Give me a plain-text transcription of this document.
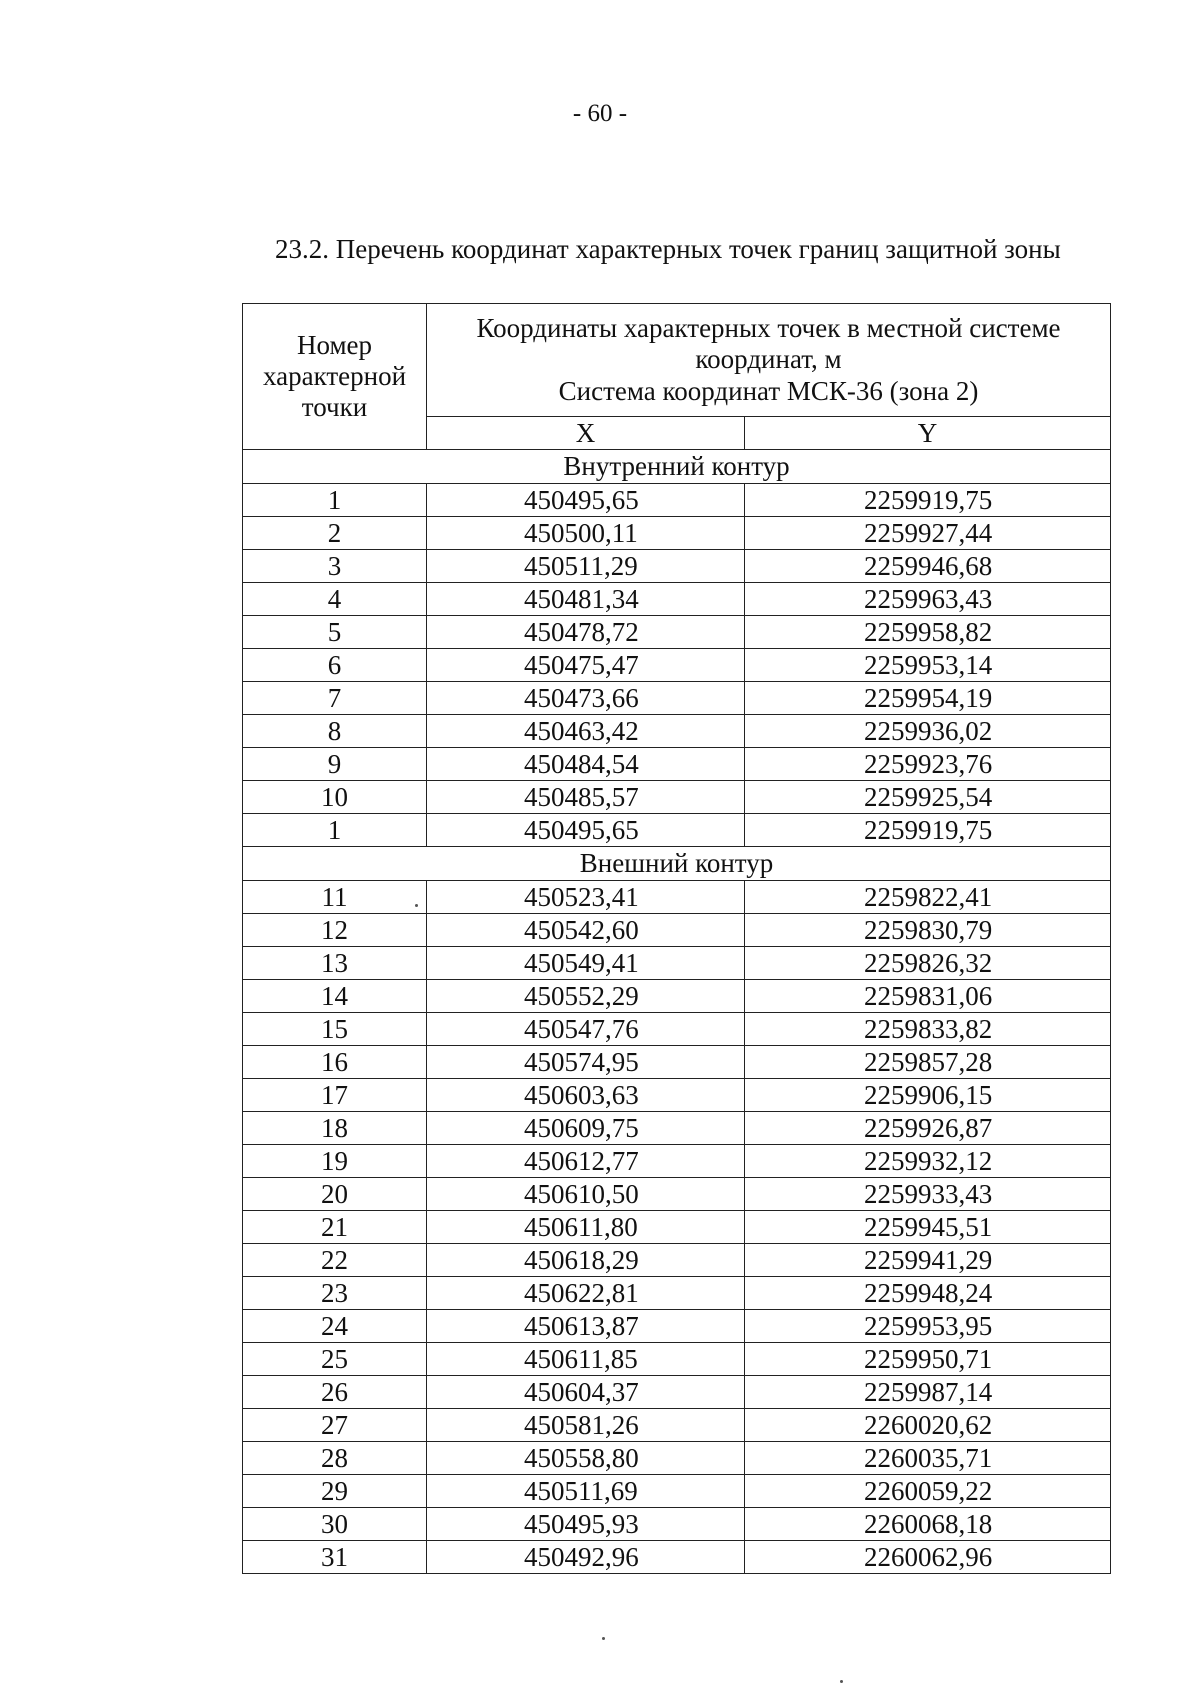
- 60 -
23.2. Перечень координат характерных точек границ защитной зоны
Номер характерной точки	Координаты характерных точек в местной системе координат, м
Система координат МСК-36 (зона 2)	

	X	Y
Внутренний контур		
1	450495,65	2259919,75
2	450500,11	2259927,44
3	450511,29	2259946,68
4	450481,34	2259963,43
5	450478,72	2259958,82
6	450475,47	2259953,14
7	450473,66	2259954,19
8	450463,42	2259936,02
9	450484,54	2259923,76
10	450485,57	2259925,54
1	450495,65	2259919,75
Внешний контур		
11	450523,41	2259822,41
12	450542,60	2259830,79
13	450549,41	2259826,32
14	450552,29	2259831,06
15	450547,76	2259833,82
16	450574,95	2259857,28
17	450603,63	2259906,15
18	450609,75	2259926,87
19	450612,77	2259932,12
20	450610,50	2259933,43
21	450611,80	2259945,51
22	450618,29	2259941,29
23	450622,81	2259948,24
24	450613,87	2259953,95
25	450611,85	2259950,71
26	450604,37	2259987,14
27	450581,26	2260020,62
28	450558,80	2260035,71
29	450511,69	2260059,22
30	450495,93	2260068,18
31	450492,96	2260062,96
